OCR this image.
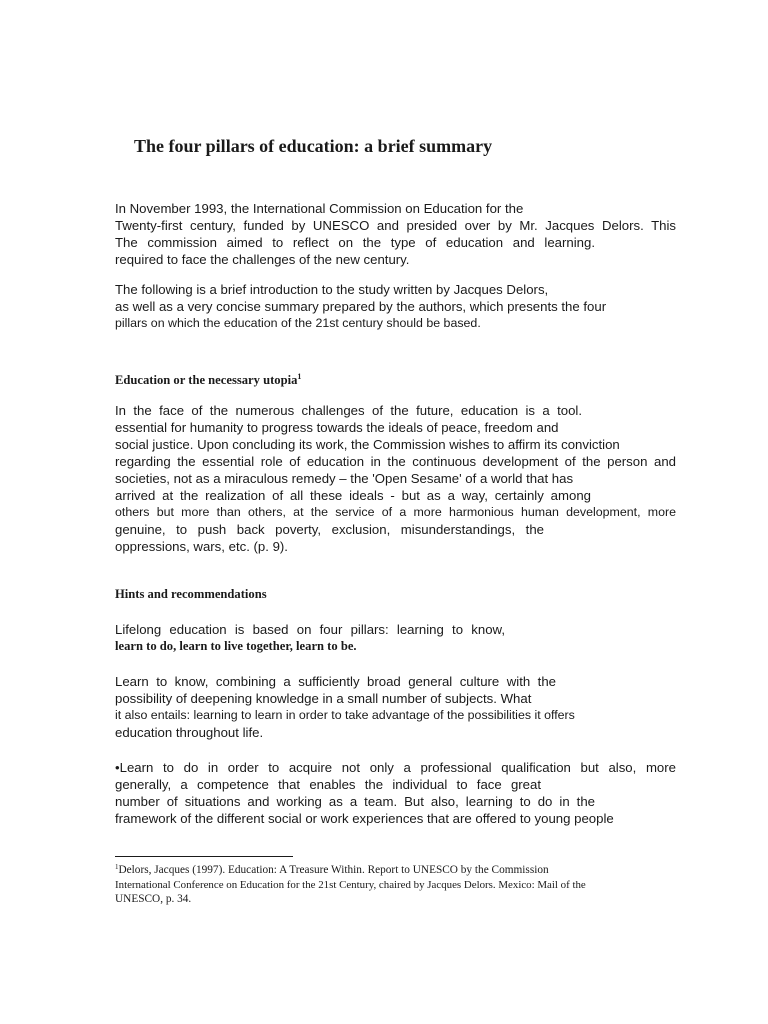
The four pillars of education: a brief summary
In November 1993, the International Commission on Education for the
Twenty-first century, funded by UNESCO and presided over by Mr. Jacques Delors. This
The commission aimed to reflect on the type of education and learning.
required to face the challenges of the new century.
The following is a brief introduction to the study written by Jacques Delors,
as well as a very concise summary prepared by the authors, which presents the four
pillars on which the education of the 21st century should be based.

Education or the necessary utopia$^1$

In the face of the numerous challenges of the future, education is a tool.
essential for humanity to progress towards the ideals of peace, freedom and
social justice. Upon concluding its work, the Commission wishes to affirm its conviction
regarding the essential role of education in the continuous development of the person and
societies, not as a miraculous remedy – the 'Open Sesame' of a world that has
arrived at the realization of all these ideals - but as a way, certainly among
others but more than others, at the service of a more harmonious human development, more
genuine, to push back poverty, exclusion, misunderstandings, the
oppressions, wars, etc. (p. 9).

Hints and recommendations

Lifelong education is based on four pillars: learning to know,
learn to do, learn to live together, learn to be.
Learn to know, combining a sufficiently broad general culture with the
possibility of deepening knowledge in a small number of subjects. What
it also entails: learning to learn in order to take advantage of the possibilities it offers
education throughout life.
•Learn to do in order to acquire not only a professional qualification but also, more
generally, a competence that enables the individual to face great
number of situations and working as a team. But also, learning to do in the
framework of the different social or work experiences that are offered to young people
$^1$Delors, Jacques (1997). Education: A Treasure Within. Report to UNESCO by the Commission
International Conference on Education for the 21st Century, chaired by Jacques Delors. Mexico: Mail of the
UNESCO, p. 34.
